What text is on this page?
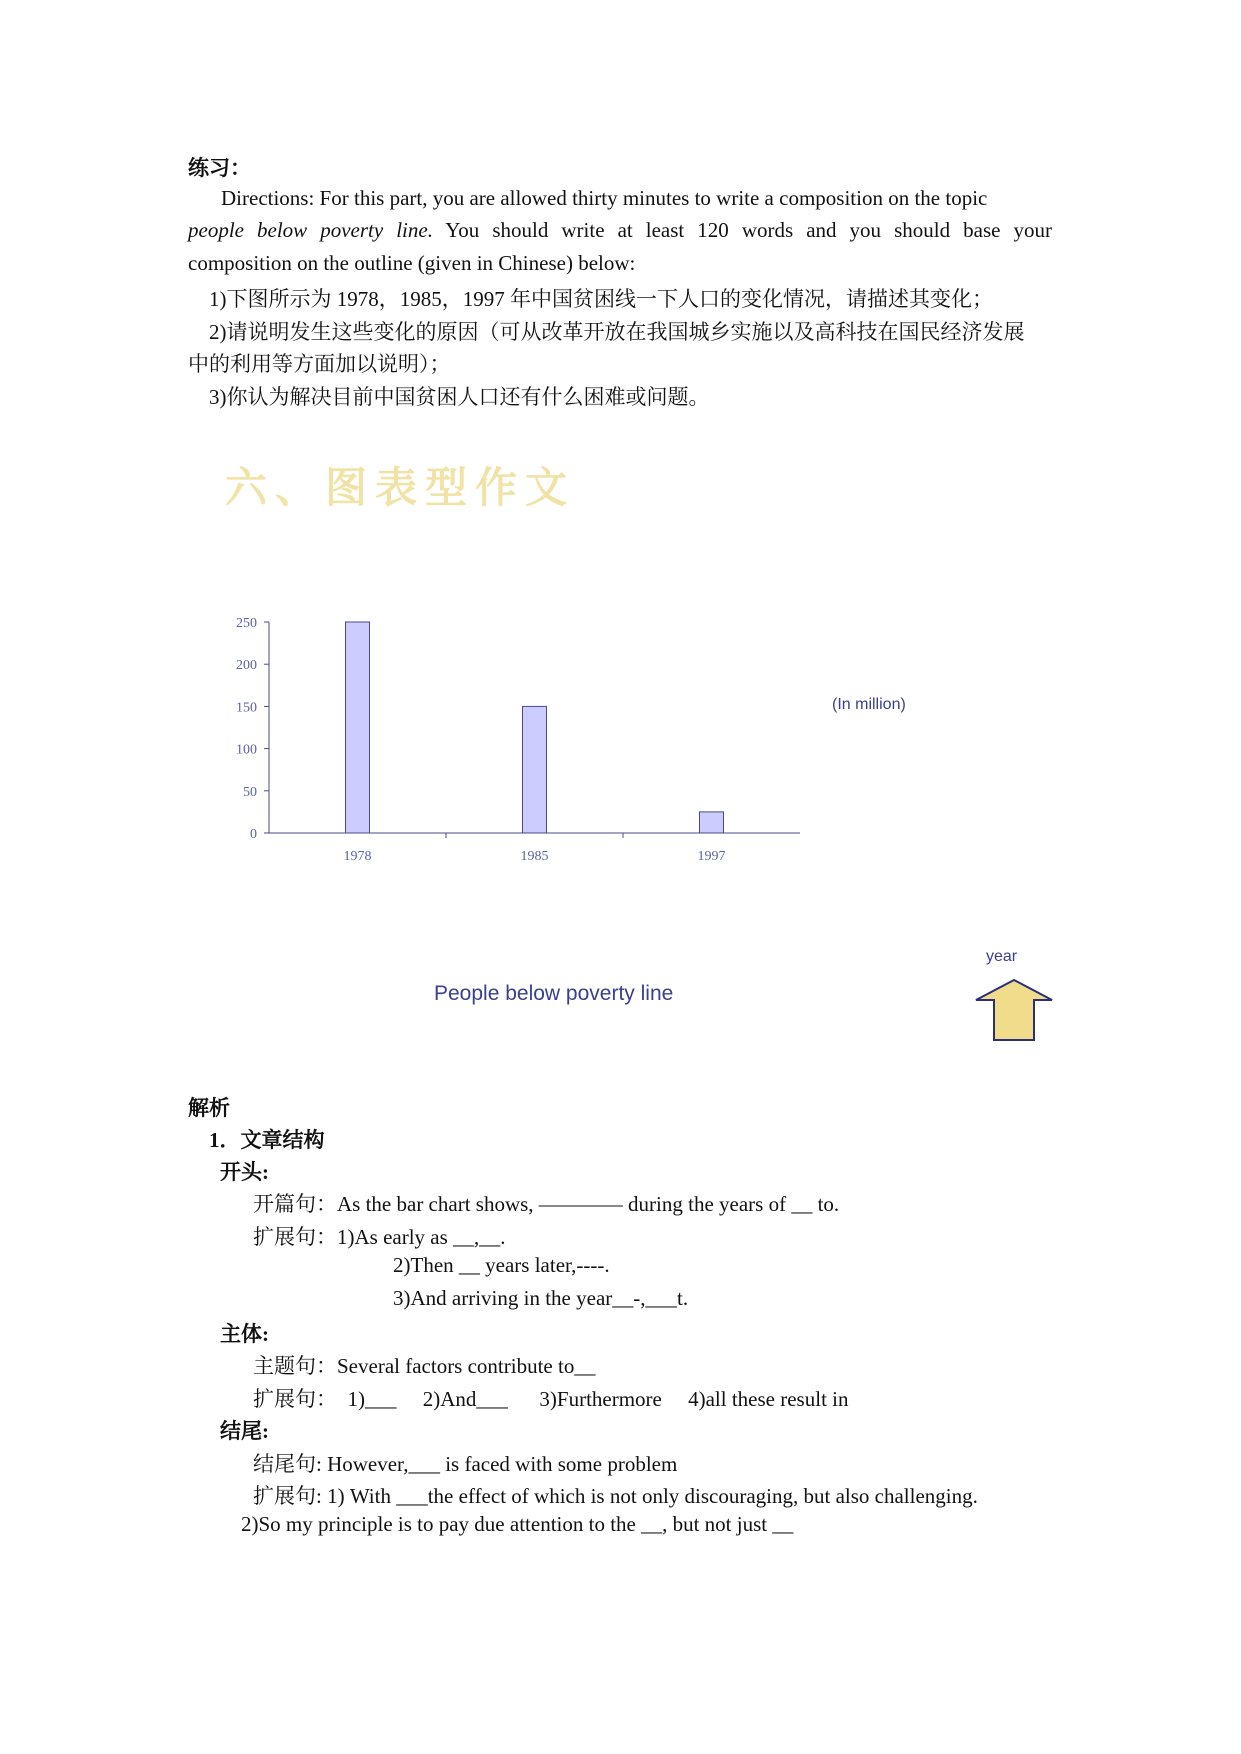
练习：
Directions: For this part, you are allowed thirty minutes to write a composition on the topic
people below poverty line. You should write at least 120 words and you should base your
composition on the outline (given in Chinese) below:
1)下图所示为 1978，1985，1997 年中国贫困线一下人口的变化情况，请描述其变化；
2)请说明发生这些变化的原因（可从改革开放在我国城乡实施以及高科技在国民经济发展
中的利用等方面加以说明）；
3)你认为解决目前中国贫困人口还有什么困难或问题。
六、图表型作文
0
50
100
150
200
250
1978	1985	1997
(In million)
year
People below poverty line
解析
1．文章结构
开头:
开篇句：As the bar chart shows, ———— during the years of __ to.
扩展句：1)As early as __,__.
2)Then __ years later,----.
3)And arriving in the year__-,___t.
主体:
主题句：Several factors contribute to__
扩展句：  1)___     2)And___      3)Furthermore     4)all these result in
结尾:
结尾句: However,___ is faced with some problem
扩展句: 1) With ___the effect of which is not only discouraging, but also challenging.
2)So my principle is to pay due attention to the __, but not just __
